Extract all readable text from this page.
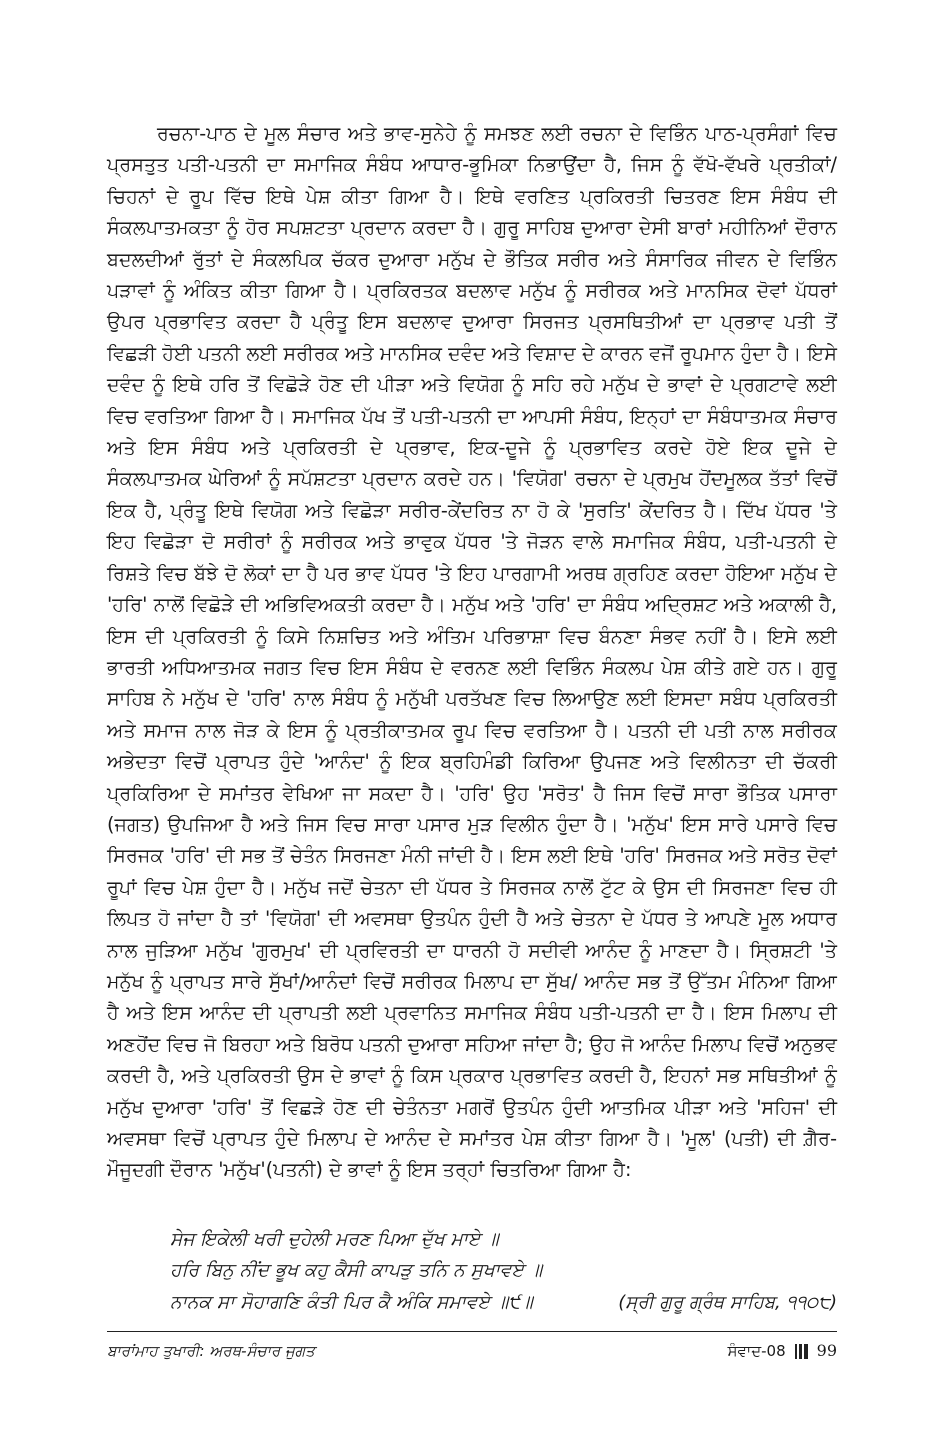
ਰਚਨਾ-ਪਾਠ ਦੇ ਮੂਲ ਸੰਚਾਰ ਅਤੇ ਭਾਵ-ਸੁਨੇਹੇ ਨੂੰ ਸਮਝਣ ਲਈ ਰਚਨਾ ਦੇ ਵਿਭਿੰਨ ਪਾਠ-ਪ੍ਰਸੰਗਾਂ ਵਿਚ ਪ੍ਰਸਤੁਤ ਪਤੀ-ਪਤਨੀ ਦਾ ਸਮਾਜਿਕ ਸੰਬੰਧ ਆਧਾਰ-ਭੂਮਿਕਾ ਨਿਭਾਉਂਦਾ ਹੈ, ਜਿਸ ਨੂੰ ਵੱਖੋ-ਵੱਖਰੇ ਪ੍ਰਤੀਕਾਂ/ਚਿਹਨਾਂ ਦੇ ਰੂਪ ਵਿੱਚ ਇਥੇ ਪੇਸ਼ ਕੀਤਾ ਗਿਆ ਹੈ। ਇਥੇ ਵਰਣਿਤ ਪ੍ਰਕਿਰਤੀ ਚਿਤਰਣ ਇਸ ਸੰਬੰਧ ਦੀ ਸੰਕਲਪਾਤਮਕਤਾ ਨੂੰ ਹੋਰ ਸਪਸ਼ਟਤਾ ਪ੍ਰਦਾਨ ਕਰਦਾ ਹੈ। ਗੁਰੂ ਸਾਹਿਬ ਦੁਆਰਾ ਦੇਸੀ ਬਾਰਾਂ ਮਹੀਨਿਆਂ ਦੌਰਾਨ ਬਦਲਦੀਆਂ ਰੁੱਤਾਂ ਦੇ ਸੰਕਲਪਿਕ ਚੱਕਰ ਦੁਆਰਾ ਮਨੁੱਖ ਦੇ ਭੌਤਿਕ ਸਰੀਰ ਅਤੇ ਸੰਸਾਰਿਕ ਜੀਵਨ ਦੇ ਵਿਭਿੰਨ ਪੜਾਵਾਂ ਨੂੰ ਅੰਕਿਤ ਕੀਤਾ ਗਿਆ ਹੈ। ਪ੍ਰਕਿਰਤਕ ਬਦਲਾਵ ਮਨੁੱਖ ਨੂੰ ਸਰੀਰਕ ਅਤੇ ਮਾਨਸਿਕ ਦੋਵਾਂ ਪੱਧਰਾਂ ਉਪਰ ਪ੍ਰਭਾਵਿਤ ਕਰਦਾ ਹੈ ਪ੍ਰੰਤੂ ਇਸ ਬਦਲਾਵ ਦੁਆਰਾ ਸਿਰਜਤ ਪ੍ਰਸਥਿਤੀਆਂ ਦਾ ਪ੍ਰਭਾਵ ਪਤੀ ਤੋਂ ਵਿਛੜੀ ਹੋਈ ਪਤਨੀ ਲਈ ਸਰੀਰਕ ਅਤੇ ਮਾਨਸਿਕ ਦਵੰਦ ਅਤੇ ਵਿਸ਼ਾਦ ਦੇ ਕਾਰਨ ਵਜੋਂ ਰੂਪਮਾਨ ਹੁੰਦਾ ਹੈ। ਇਸੇ ਦਵੰਦ ਨੂੰ ਇਥੇ ਹਰਿ ਤੋਂ ਵਿਛੋੜੇ ਹੋਣ ਦੀ ਪੀੜਾ ਅਤੇ ਵਿਯੋਗ ਨੂੰ ਸਹਿ ਰਹੇ ਮਨੁੱਖ ਦੇ ਭਾਵਾਂ ਦੇ ਪ੍ਰਗਟਾਵੇ ਲਈ ਵਿਚ ਵਰਤਿਆ ਗਿਆ ਹੈ। ਸਮਾਜਿਕ ਪੱਖ ਤੋਂ ਪਤੀ-ਪਤਨੀ ਦਾ ਆਪਸੀ ਸੰਬੰਧ, ਇਨ੍ਹਾਂ ਦਾ ਸੰਬੰਧਾਤਮਕ ਸੰਚਾਰ ਅਤੇ ਇਸ ਸੰਬੰਧ ਅਤੇ ਪ੍ਰਕਿਰਤੀ ਦੇ ਪ੍ਰਭਾਵ, ਇਕ-ਦੂਜੇ ਨੂੰ ਪ੍ਰਭਾਵਿਤ ਕਰਦੇ ਹੋਏ ਇਕ ਦੂਜੇ ਦੇ ਸੰਕਲਪਾਤਮਕ ਘੇਰਿਆਂ ਨੂੰ ਸਪੱਸ਼ਟਤਾ ਪ੍ਰਦਾਨ ਕਰਦੇ ਹਨ। 'ਵਿਯੋਗ' ਰਚਨਾ ਦੇ ਪ੍ਰਮੁਖ ਹੋਂਦਮੂਲਕ ਤੱਤਾਂ ਵਿਚੋਂ ਇਕ ਹੈ, ਪ੍ਰੰਤੂ ਇਥੇ ਵਿਯੋਗ ਅਤੇ ਵਿਛੋੜਾ ਸਰੀਰ-ਕੇਂਦਰਿਤ ਨਾ ਹੋ ਕੇ 'ਸੁਰਤਿ' ਕੇਂਦਰਿਤ ਹੈ। ਦਿੱਖ ਪੱਧਰ 'ਤੇ ਇਹ ਵਿਛੋੜਾ ਦੋ ਸਰੀਰਾਂ ਨੂੰ ਸਰੀਰਕ ਅਤੇ ਭਾਵੁਕ ਪੱਧਰ 'ਤੇ ਜੋੜਨ ਵਾਲੇ ਸਮਾਜਿਕ ਸੰਬੰਧ, ਪਤੀ-ਪਤਨੀ ਦੇ ਰਿਸ਼ਤੇ ਵਿਚ ਬੱਝੇ ਦੋ ਲੋਕਾਂ ਦਾ ਹੈ ਪਰ ਭਾਵ ਪੱਧਰ 'ਤੇ ਇਹ ਪਾਰਗਾਮੀ ਅਰਥ ਗ੍ਰਹਿਣ ਕਰਦਾ ਹੋਇਆ ਮਨੁੱਖ ਦੇ 'ਹਰਿ' ਨਾਲੋਂ ਵਿਛੋੜੇ ਦੀ ਅਭਿਵਿਅਕਤੀ ਕਰਦਾ ਹੈ। ਮਨੁੱਖ ਅਤੇ 'ਹਰਿ' ਦਾ ਸੰਬੰਧ ਅਦ੍ਰਿਸ਼ਟ ਅਤੇ ਅਕਾਲੀ ਹੈ, ਇਸ ਦੀ ਪ੍ਰਕਿਰਤੀ ਨੂੰ ਕਿਸੇ ਨਿਸ਼ਚਿਤ ਅਤੇ ਅੰਤਿਮ ਪਰਿਭਾਸ਼ਾ ਵਿਚ ਬੰਨਣਾ ਸੰਭਵ ਨਹੀਂ ਹੈ। ਇਸੇ ਲਈ ਭਾਰਤੀ ਅਧਿਆਤਮਕ ਜਗਤ ਵਿਚ ਇਸ ਸੰਬੰਧ ਦੇ ਵਰਨਣ ਲਈ ਵਿਭਿੰਨ ਸੰਕਲਪ ਪੇਸ਼ ਕੀਤੇ ਗਏ ਹਨ। ਗੁਰੂ ਸਾਹਿਬ ਨੇ ਮਨੁੱਖ ਦੇ 'ਹਰਿ' ਨਾਲ ਸੰਬੰਧ ਨੂੰ ਮਨੁੱਖੀ ਪਰਤੱਖਣ ਵਿਚ ਲਿਆਉਣ ਲਈ ਇਸਦਾ ਸਬੰਧ ਪ੍ਰਕਿਰਤੀ ਅਤੇ ਸਮਾਜ ਨਾਲ ਜੋੜ ਕੇ ਇਸ ਨੂੰ ਪ੍ਰਤੀਕਾਤਮਕ ਰੂਪ ਵਿਚ ਵਰਤਿਆ ਹੈ। ਪਤਨੀ ਦੀ ਪਤੀ ਨਾਲ ਸਰੀਰਕ ਅਭੇਦਤਾ ਵਿਚੋਂ ਪ੍ਰਾਪਤ ਹੁੰਦੇ 'ਆਨੰਦ' ਨੂੰ ਇਕ ਬ੍ਰਹਿਮੰਡੀ ਕਿਰਿਆ ਉਪਜਣ ਅਤੇ ਵਿਲੀਨਤਾ ਦੀ ਚੱਕਰੀ ਪ੍ਰਕਿਰਿਆ ਦੇ ਸਮਾਂਤਰ ਵੇਖਿਆ ਜਾ ਸਕਦਾ ਹੈ। 'ਹਰਿ' ਉਹ 'ਸਰੋਤ' ਹੈ ਜਿਸ ਵਿਚੋਂ ਸਾਰਾ ਭੌਤਿਕ ਪਸਾਰਾ (ਜਗਤ) ਉਪਜਿਆ ਹੈ ਅਤੇ ਜਿਸ ਵਿਚ ਸਾਰਾ ਪਸਾਰ ਮੁੜ ਵਿਲੀਨ ਹੁੰਦਾ ਹੈ। 'ਮਨੁੱਖ' ਇਸ ਸਾਰੇ ਪਸਾਰੇ ਵਿਚ ਸਿਰਜਕ 'ਹਰਿ' ਦੀ ਸਭ ਤੋਂ ਚੇਤੰਨ ਸਿਰਜਣਾ ਮੰਨੀ ਜਾਂਦੀ ਹੈ। ਇਸ ਲਈ ਇਥੇ 'ਹਰਿ' ਸਿਰਜਕ ਅਤੇ ਸਰੋਤ ਦੋਵਾਂ ਰੂਪਾਂ ਵਿਚ ਪੇਸ਼ ਹੁੰਦਾ ਹੈ। ਮਨੁੱਖ ਜਦੋਂ ਚੇਤਨਾ ਦੀ ਪੱਧਰ ਤੇ ਸਿਰਜਕ ਨਾਲੋਂ ਟੁੱਟ ਕੇ ਉਸ ਦੀ ਸਿਰਜਣਾ ਵਿਚ ਹੀ ਲਿਪਤ ਹੋ ਜਾਂਦਾ ਹੈ ਤਾਂ 'ਵਿਯੋਗ' ਦੀ ਅਵਸਥਾ ਉਤਪੰਨ ਹੁੰਦੀ ਹੈ ਅਤੇ ਚੇਤਨਾ ਦੇ ਪੱਧਰ ਤੇ ਆਪਣੇ ਮੂਲ ਅਧਾਰ ਨਾਲ ਜੁੜਿਆ ਮਨੁੱਖ 'ਗੁਰਮੁਖ' ਦੀ ਪ੍ਰਵਿਰਤੀ ਦਾ ਧਾਰਨੀ ਹੋ ਸਦੀਵੀ ਆਨੰਦ ਨੂੰ ਮਾਣਦਾ ਹੈ। ਸ੍ਰਿਸ਼ਟੀ 'ਤੇ ਮਨੁੱਖ ਨੂੰ ਪ੍ਰਾਪਤ ਸਾਰੇ ਸੁੱਖਾਂ/ਆਨੰਦਾਂ ਵਿਚੋਂ ਸਰੀਰਕ ਮਿਲਾਪ ਦਾ ਸੁੱਖ/ ਆਨੰਦ ਸਭ ਤੋਂ ਉੱਤਮ ਮੰਨਿਆ ਗਿਆ ਹੈ ਅਤੇ ਇਸ ਆਨੰਦ ਦੀ ਪ੍ਰਾਪਤੀ ਲਈ ਪ੍ਰਵਾਨਿਤ ਸਮਾਜਿਕ ਸੰਬੰਧ ਪਤੀ-ਪਤਨੀ ਦਾ ਹੈ। ਇਸ ਮਿਲਾਪ ਦੀ ਅਣਹੋਂਦ ਵਿਚ ਜੋ ਬਿਰਹਾ ਅਤੇ ਬਿਰੋਧ ਪਤਨੀ ਦੁਆਰਾ ਸਹਿਆ ਜਾਂਦਾ ਹੈ; ਉਹ ਜੋ ਆਨੰਦ ਮਿਲਾਪ ਵਿਚੋਂ ਅਨੁਭਵ ਕਰਦੀ ਹੈ, ਅਤੇ ਪ੍ਰਕਿਰਤੀ ਉਸ ਦੇ ਭਾਵਾਂ ਨੂੰ ਕਿਸ ਪ੍ਰਕਾਰ ਪ੍ਰਭਾਵਿਤ ਕਰਦੀ ਹੈ, ਇਹਨਾਂ ਸਭ ਸਥਿਤੀਆਂ ਨੂੰ ਮਨੁੱਖ ਦੁਆਰਾ 'ਹਰਿ' ਤੋਂ ਵਿਛੜੇ ਹੋਣ ਦੀ ਚੇਤੰਨਤਾ ਮਗਰੋਂ ਉਤਪੰਨ ਹੁੰਦੀ ਆਤਮਿਕ ਪੀੜਾ ਅਤੇ 'ਸਹਿਜ' ਦੀ ਅਵਸਥਾ ਵਿਚੋਂ ਪ੍ਰਾਪਤ ਹੁੰਦੇ ਮਿਲਾਪ ਦੇ ਆਨੰਦ ਦੇ ਸਮਾਂਤਰ ਪੇਸ਼ ਕੀਤਾ ਗਿਆ ਹੈ। 'ਮੂਲ' (ਪਤੀ) ਦੀ ਗ਼ੈਰ-ਮੌਜੂਦਗੀ ਦੌਰਾਨ 'ਮਨੁੱਖ'(ਪਤਨੀ) ਦੇ ਭਾਵਾਂ ਨੂੰ ਇਸ ਤਰ੍ਹਾਂ ਚਿਤਰਿਆ ਗਿਆ ਹੈ:

ਸੇਜ ਇਕੇਲੀ ਖਰੀ ਦੁਹੇਲੀ ਮਰਣ ਪਿਆ ਦੁੱਖ ਮਾਏ ॥

ਹਰਿ ਬਿਨੁ ਨੀਂਦ ਭੂਖ ਕਹੁ ਕੈਸੀ ਕਾਪੜੁ ਤਨਿ ਨ ਸੁਖਾਵਏ ॥

ਨਾਨਕ ਸਾ ਸੋਹਾਗਣਿ ਕੰਤੀ ਪਿਰ ਕੈ ਅੰਕਿ ਸਮਾਵਏ ॥੯॥	(ਸ੍ਰੀ ਗੁਰੂ ਗ੍ਰੰਥ ਸਾਹਿਬ, ੧੧੦੮)
ਬਾਰਾਂਮਾਹ ਤੁਖਾਰੀ: ਅਰਥ-ਸੰਚਾਰ ਜੁਗਤ	ਸੰਵਾਦ-08 99
